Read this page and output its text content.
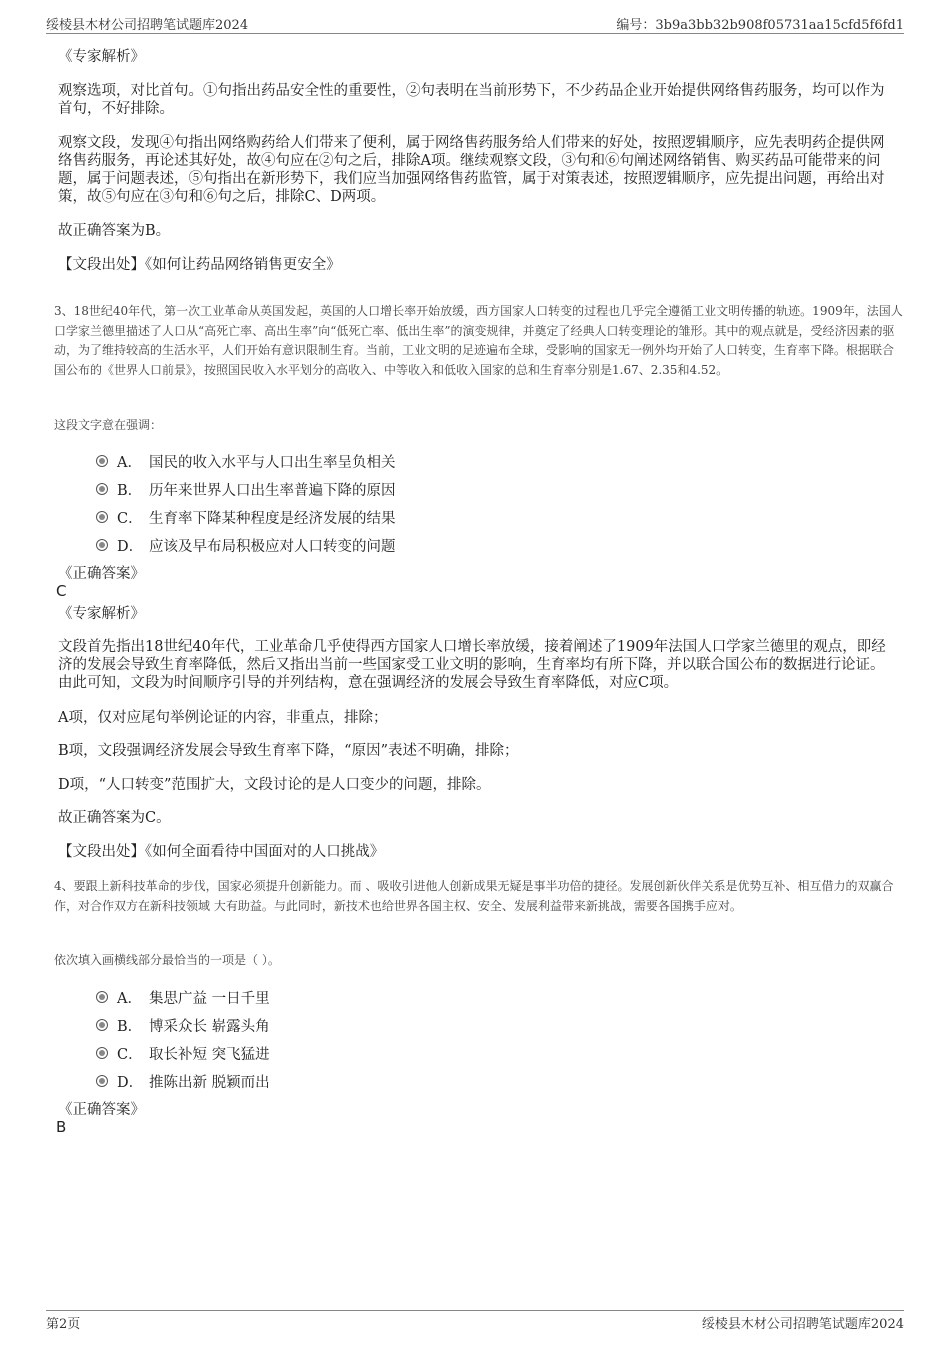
绥棱县木材公司招聘笔试题库2024	编号：3b9a3bb32b908f05731aa15cfd5f6fd1
《专家解析》
观察选项，对比首句。①句指出药品安全性的重要性，②句表明在当前形势下，不少药品企业开始提供网络售药服务，均可以作为首句，不好排除。
观察文段，发现④句指出网络购药给人们带来了便利，属于网络售药服务给人们带来的好处，按照逻辑顺序，应先表明药企提供网络售药服务，再论述其好处，故④句应在②句之后，排除A项。继续观察文段，③句和⑥句阐述网络销售、购买药品可能带来的问题，属于问题表述，⑤句指出在新形势下，我们应当加强网络售药监管，属于对策表述，按照逻辑顺序，应先提出问题，再给出对策，故⑤句应在③句和⑥句之后，排除C、D两项。
故正确答案为B。
【文段出处】《如何让药品网络销售更安全》
3、18世纪40年代，第一次工业革命从英国发起，英国的人口增长率开始放缓，西方国家人口转变的过程也几乎完全遵循工业文明传播的轨迹。1909年，法国人口学家兰德里描述了人口从“高死亡率、高出生率”向“低死亡率、低出生率”的演变规律，并奠定了经典人口转变理论的雏形。其中的观点就是，受经济因素的驱动，为了维持较高的生活水平，人们开始有意识限制生育。当前，工业文明的足迹遍布全球，受影响的国家无一例外均开始了人口转变，生育率下降。根据联合国公布的《世界人口前景》，按照国民收入水平划分的高收入、中等收入和低收入国家的总和生育率分别是1.67、2.35和4.52。
这段文字意在强调：
A． 国民的收入水平与人口出生率呈负相关
B． 历年来世界人口出生率普遍下降的原因
C． 生育率下降某种程度是经济发展的结果
D． 应该及早布局积极应对人口转变的问题
《正确答案》
C
《专家解析》
文段首先指出18世纪40年代，工业革命几乎使得西方国家人口增长率放缓，接着阐述了1909年法国人口学家兰德里的观点，即经济的发展会导致生育率降低，然后又指出当前一些国家受工业文明的影响，生育率均有所下降，并以联合国公布的数据进行论证。由此可知，文段为时间顺序引导的并列结构，意在强调经济的发展会导致生育率降低，对应C项。
A项，仅对应尾句举例论证的内容，非重点，排除；
B项，文段强调经济发展会导致生育率下降，“原因”表述不明确，排除；
D项，“人口转变”范围扩大，文段讨论的是人口变少的问题，排除。
故正确答案为C。
【文段出处】《如何全面看待中国面对的人口挑战》
4、要跟上新科技革命的步伐，国家必须提升创新能力。而 、吸收引进他人创新成果无疑是事半功倍的捷径。发展创新伙伴关系是优势互补、相互借力的双赢合作，对合作双方在新科技领域 大有助益。与此同时，新技术也给世界各国主权、安全、发展利益带来新挑战，需要各国携手应对。
依次填入画横线部分最恰当的一项是（ ）。
A． 集思广益 一日千里
B． 博采众长 崭露头角
C． 取长补短 突飞猛进
D． 推陈出新 脱颖而出
《正确答案》
B
第2页	绥棱县木材公司招聘笔试题库2024
